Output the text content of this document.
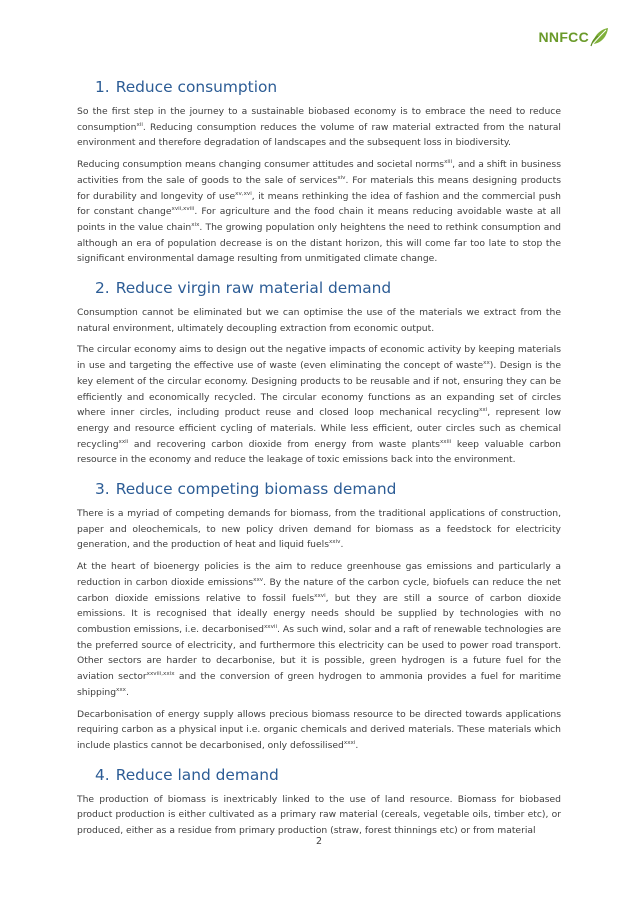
NNFCC
1. Reduce consumption

So the first step in the journey to a sustainable biobased economy is to embrace the need to reduce consumption$^{xii}$. Reducing consumption reduces the volume of raw material extracted from the natural environment and therefore degradation of landscapes and the subsequent loss in biodiversity.

Reducing consumption means changing consumer attitudes and societal norms$^{xiii}$, and a shift in business activities from the sale of goods to the sale of services$^{xiv}$. For materials this means designing products for durability and longevity of use$^{xv,xvi}$, it means rethinking the idea of fashion and the commercial push for constant change$^{xvii,xviii}$. For agriculture and the food chain it means reducing avoidable waste at all points in the value chain$^{xix}$. The growing population only heightens the need to rethink consumption and although an era of population decrease is on the distant horizon, this will come far too late to stop the significant environmental damage resulting from unmitigated climate change.

2. Reduce virgin raw material demand

Consumption cannot be eliminated but we can optimise the use of the materials we extract from the natural environment, ultimately decoupling extraction from economic output.

The circular economy aims to design out the negative impacts of economic activity by keeping materials in use and targeting the effective use of waste (even eliminating the concept of waste$^{xx}$). Design is the key element of the circular economy. Designing products to be reusable and if not, ensuring they can be efficiently and economically recycled. The circular economy functions as an expanding set of circles where inner circles, including product reuse and closed loop mechanical recycling$^{xxi}$, represent low energy and resource efficient cycling of materials. While less efficient, outer circles such as chemical recycling$^{xxii}$ and recovering carbon dioxide from energy from waste plants$^{xxiii}$ keep valuable carbon resource in the economy and reduce the leakage of toxic emissions back into the environment.

3. Reduce competing biomass demand

There is a myriad of competing demands for biomass, from the traditional applications of construction, paper and oleochemicals, to new policy driven demand for biomass as a feedstock for electricity generation, and the production of heat and liquid fuels$^{xxiv}$.

At the heart of bioenergy policies is the aim to reduce greenhouse gas emissions and particularly a reduction in carbon dioxide emissions$^{xxv}$. By the nature of the carbon cycle, biofuels can reduce the net carbon dioxide emissions relative to fossil fuels$^{xxvi}$, but they are still a source of carbon dioxide emissions. It is recognised that ideally energy needs should be supplied by technologies with no combustion emissions, i.e. decarbonised$^{xxvii}$. As such wind, solar and a raft of renewable technologies are the preferred source of electricity, and furthermore this electricity can be used to power road transport. Other sectors are harder to decarbonise, but it is possible, green hydrogen is a future fuel for the aviation sector$^{xxviii,xxix}$ and the conversion of green hydrogen to ammonia provides a fuel for maritime shipping$^{xxx}$.

Decarbonisation of energy supply allows precious biomass resource to be directed towards applications requiring carbon as a physical input i.e. organic chemicals and derived materials. These materials which include plastics cannot be decarbonised, only defossilised$^{xxxi}$.

4. Reduce land demand

The production of biomass is inextricably linked to the use of land resource. Biomass for biobased product production is either cultivated as a primary raw material (cereals, vegetable oils, timber etc), or produced, either as a residue from primary production (straw, forest thinnings etc) or from material

2
